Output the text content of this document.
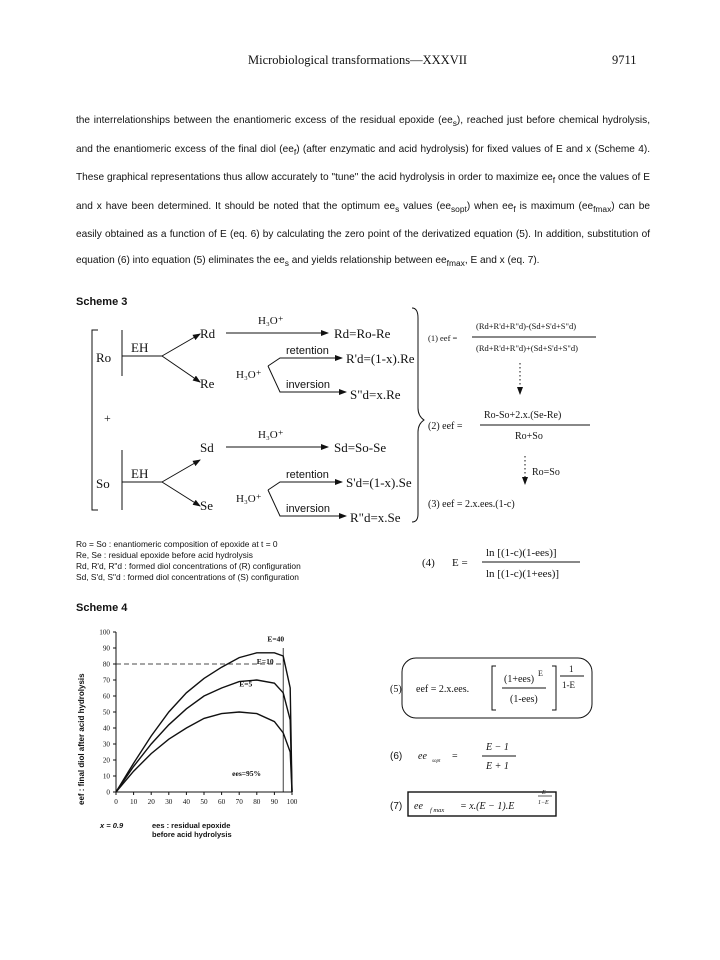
Microbiological transformations—XXXVII	9711

the interrelationships between the enantiomeric excess of the residual epoxide $(ee_s)$, reached just before chemical hydrolysis, and the enantiomeric excess of the final diol $(ee_f)$ (after enzymatic and acid hydrolysis) for fixed values of E and x (Scheme 4). These graphical representations thus allow accurately to "tune" the acid hydrolysis in order to maximize $ee_f$ once the values of E and x have been determined. It should be noted that the optimum $ee_s$ values $(ee_{sopt})$ when $ee_f$ is maximum $(ee_{fmax})$ can be easily obtained as a function of E (eq. 6) by calculating the zero point of the derivatized equation (5). In addition, substitution of equation (6) into equation (5) eliminates the $ee_s$ and yields relationship between $ee_{fmax}$, E and x (eq. 7).

Scheme 3
Ro
+
So
EH
EH
Rd
Re
Sd
Se
H₃O⁺
Rd=Ro-Re
H₃O⁺
retention
inversion
R'd=(1-x).Re
S"d=x.Re
H₃O⁺
Sd=So-Se
H₃O⁺
retention
inversion
S'd=(1-x).Se
R"d=x.Se
(1) eef =
(Rd+R'd+R"d)-(Sd+S'd+S"d)
(Rd+R'd+R"d)+(Sd+S'd+S"d)
(2) eef =
Ro-So+2.x.(Se-Re)
Ro+So
Ro=So
(3) eef = 2.x.ees.(1-c)
Ro = So : enantiomeric composition of epoxide at t = 0
Re, Se : residual epoxide before acid hydrolysis
Rd, R'd, R"d : formed diol concentrations of (R) configuration
Sd, S'd, S"d : formed diol concentrations of (S) configuration
(4) E =
ln [(1-c)(1-ees)]
ln [(1-c)(1+ees)]
Scheme 4
0
10
20
30
40
50
60
70
80
90
100
0 10 20 30 40 50 60 70 80 90 100
E=40
E=10
E=5
ees=95%
eef : final diol after acid hydrolysis
x = 0.9	ees : residual epoxide
before acid hydrolysis
(5) eef = 2.x.ees.
(1+ees)
E
(1-ees)
1
1-E
(6) ee sopt =
E − 1
E + 1
(7) ee f max = x.(E − 1).E
E
1−E
